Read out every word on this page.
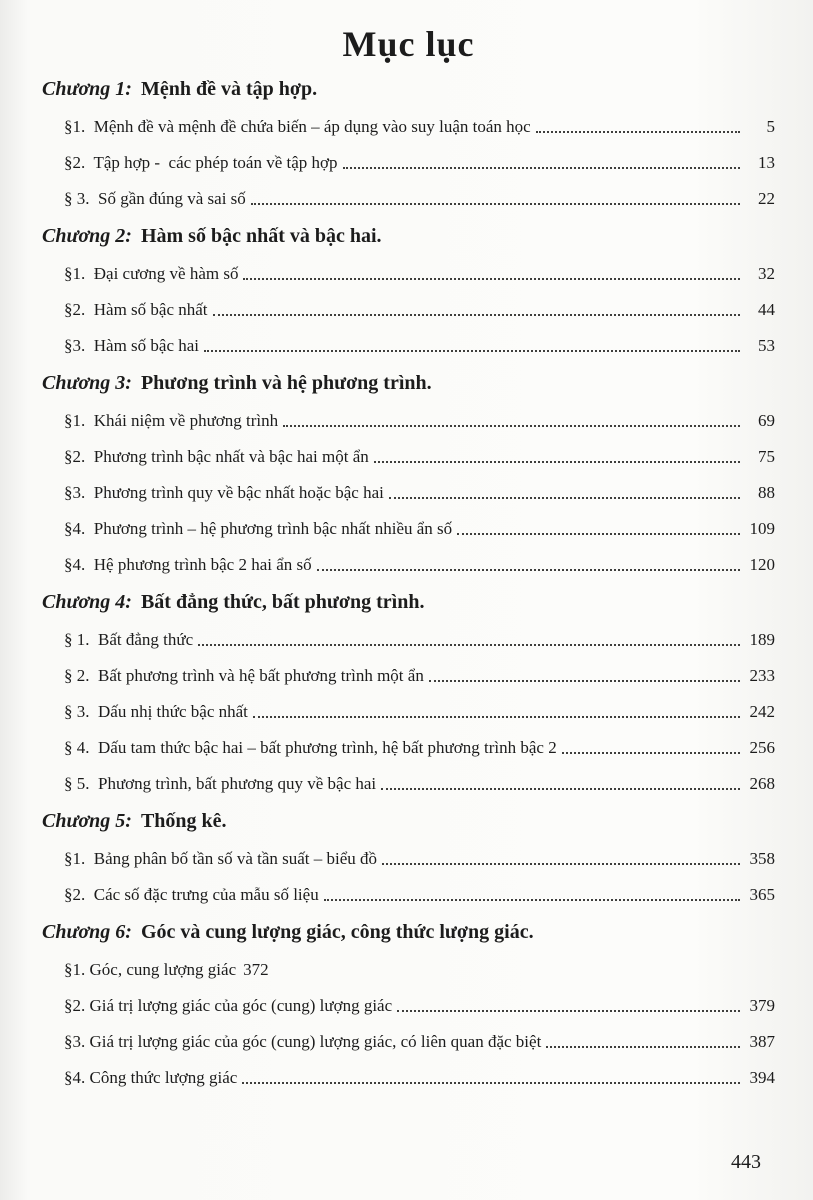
Mục lục
Chương 1: Mệnh đề và tập hợp.
§1.  Mệnh đề và mệnh đề chứa biến – áp dụng vào suy luận toán học	5
§2.  Tập hợp -  các phép toán về tập hợp	13
§ 3.  Số gần đúng và sai số	22
Chương 2: Hàm số bậc nhất và bậc hai.
§1.  Đại cương về hàm số	32
§2.  Hàm số bậc nhất	44
§3.  Hàm số bậc hai	53
Chương 3: Phương trình và hệ phương trình.
§1.  Khái niệm về phương trình	69
§2.  Phương trình bậc nhất và bậc hai một ẩn	75
§3.  Phương trình quy về bậc nhất hoặc bậc hai	88
§4.  Phương trình – hệ phương trình bậc nhất nhiều ẩn số	109
§4.  Hệ phương trình bậc 2 hai ẩn số	120
Chương 4: Bất đẳng thức, bất phương trình.
§ 1.  Bất đẳng thức	189
§ 2.  Bất phương trình và hệ bất phương trình một ẩn	233
§ 3.  Dấu nhị thức bậc nhất	242
§ 4.  Dấu tam thức bậc hai – bất phương trình, hệ bất phương trình bậc 2	256
§ 5.  Phương trình, bất phương quy về bậc hai	268
Chương 5: Thống kê.
§1.  Bảng phân bố tần số và tần suất – biểu đồ	358
§2.  Các số đặc trưng của mẫu số liệu	365
Chương 6: Góc và cung lượng giác, công thức lượng giác.
§1. Góc, cung lượng giác 372
§2. Giá trị lượng giác của góc (cung) lượng giác	379
§3. Giá trị lượng giác của góc (cung) lượng giác, có liên quan đặc biệt	387
§4. Công thức lượng giác	394
443
